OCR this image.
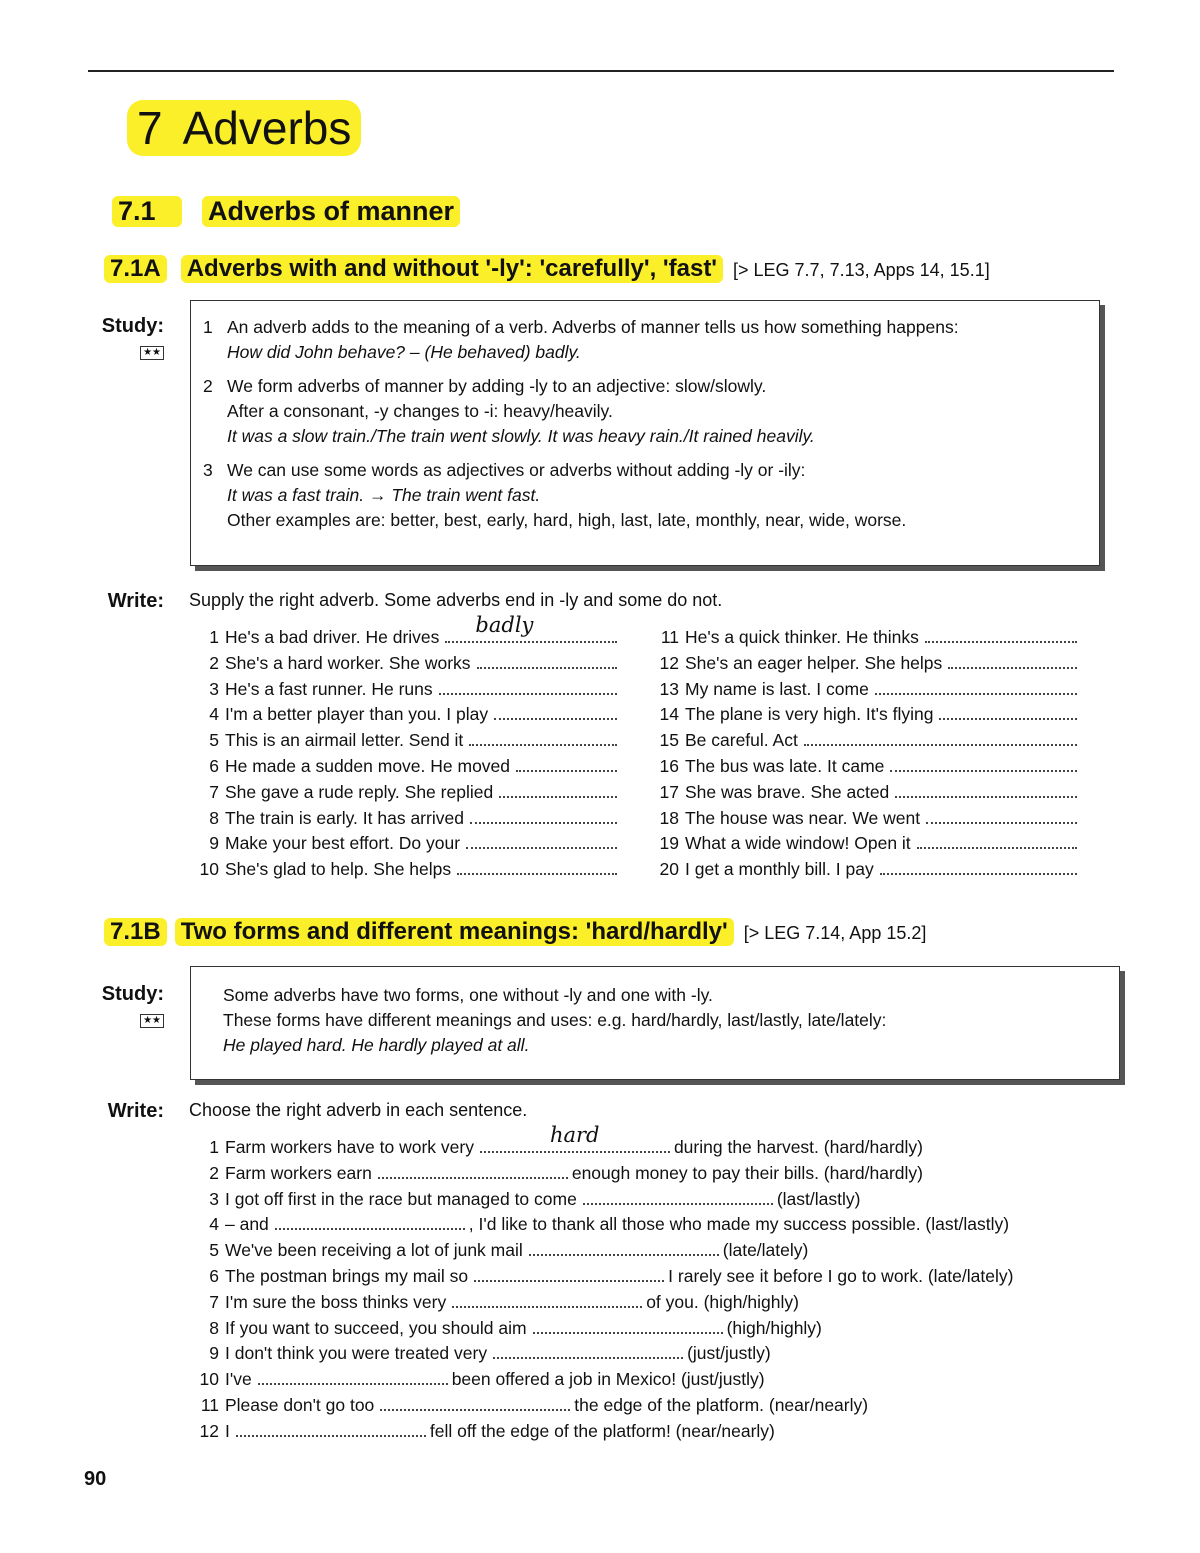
7 Adverbs
7.1	Adverbs of manner
7.1A Adverbs with and without '-ly': 'carefully', 'fast' [> LEG 7.7, 7.13, Apps 14, 15.1]
Study:
★★
1 An adverb adds to the meaning of a verb. Adverbs of manner tells us how something happens:
How did John behave? – (He behaved) badly.
2 We form adverbs of manner by adding -ly to an adjective: slow/slowly.
After a consonant, -y changes to -i: heavy/heavily.
It was a slow train./The train went slowly. It was heavy rain./It rained heavily.
3 We can use some words as adjectives or adverbs without adding -ly or -ily:
It was a fast train. → The train went fast.
Other examples are: better, best, early, hard, high, last, late, monthly, near, wide, worse.
Write: Supply the right adverb. Some adverbs end in -ly and some do not.
1 He's a bad driver. He drives badly
2 She's a hard worker. She works
3 He's a fast runner. He runs
4 I'm a better player than you. I play
5 This is an airmail letter. Send it
6 He made a sudden move. He moved
7 She gave a rude reply. She replied
8 The train is early. It has arrived
9 Make your best effort. Do your
10 She's glad to help. She helps
11 He's a quick thinker. He thinks
12 She's an eager helper. She helps
13 My name is last. I come
14 The plane is very high. It's flying
15 Be careful. Act
16 The bus was late. It came
17 She was brave. She acted
18 The house was near. We went
19 What a wide window! Open it
20 I get a monthly bill. I pay
7.1B Two forms and different meanings: 'hard/hardly' [> LEG 7.14, App 15.2]
Study:
★★
Some adverbs have two forms, one without -ly and one with -ly.
These forms have different meanings and uses: e.g. hard/hardly, last/lastly, late/lately:
He played hard. He hardly played at all.
Write: Choose the right adverb in each sentence.
1 Farm workers have to work very	hard	during the harvest. (hard/hardly)
2 Farm workers earn	enough money to pay their bills. (hard/hardly)
3 I got off first in the race but managed to come	(last/lastly)
4 – and	, I'd like to thank all those who made my success possible. (last/lastly)
5 We've been receiving a lot of junk mail	(late/lately)
6 The postman brings my mail so	I rarely see it before I go to work. (late/lately)
7 I'm sure the boss thinks very	of you. (high/highly)
8 If you want to succeed, you should aim	(high/highly)
9 I don't think you were treated very	(just/justly)
10 I've	been offered a job in Mexico! (just/justly)
11 Please don't go too	the edge of the platform. (near/nearly)
12 I	fell off the edge of the platform! (near/nearly)
90
